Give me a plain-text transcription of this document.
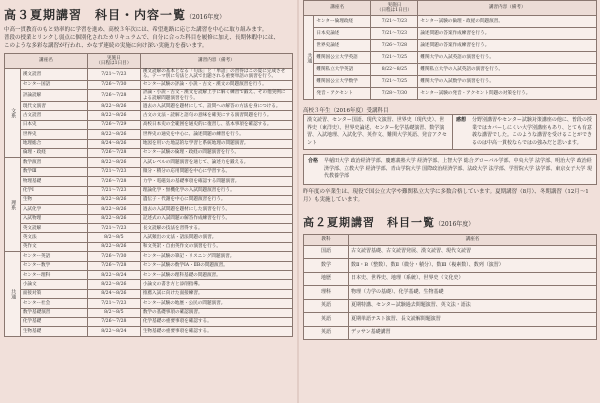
高３夏期講習　科目・内容一覧（2016年度）
中高一貫教育のもと効率的に学習を進め、高校３年次には、希望進路に応じた講習を中心に取り組みます。
普段の授業とリンクし弱点に個別化されたカリキュラムで、自分に合った科目を履修に加え、長期休暇中には、
このような多彩な講習が行われ、かなず連続の実施に向け深い実施力を養います。
講座名		実施日
（日程は1日目）	講習内容（備考）
文系	漢文読習	7/21〜7/23	漢文読解の基本となる「句法」と「単語」の習得はこの夏に完成させる。テーマ別に句法と入試で出題される重要単語の演習を行う。
	センター国語	7/26〜7/30	センター試験の評論・小説・古文・漢文の問題演習を行う。
	評論読解	7/26〜7/28	評論・小説・古文・漢文を読解上手に解く練習で鍛え、その他実例による読解問題演習を行う。
	現代文演習	8/22〜8/26	過去の入試問題を題材にして、設問への解答の方法を身につける。
	古文読習	8/22〜8/26	古文の文法・読解と語句の意味を確実にする演習問題を行う。
	日本史	7/26〜7/29	高校日本史の全範囲を通史的に復習し、基本事項を確認する。
	世界史	8/22〜8/26	世界史の通史を中心に、論述問題の練習を行う。
	地理総合	8/24〜8/26	地図を用いた地誌的な学習と系統地理の問題演習。
	倫理・政経	7/26〜7/28	センター試験の倫理・政経の問題演習を行う。
理系	数学演習	8/22〜8/26	入試レベルの問題演習を通じて、論述力を鍛える。
	数学Ⅲ	7/21〜7/23	微分・積分の応用問題を中心に学習する。
	物理基礎	7/26〜7/28	力学・電磁気の基礎事項を確認する問題演習。
	化学Ⅰ	7/21〜7/23	理論化学・無機化学の入試問題演習を行う。
	生物	8/22〜8/26	遺伝子・代謝を中心に問題演習を行う。
	入試化学	8/22〜8/26	過去の入試問題を題材にした演習を行う。
	入試物理	8/22〜8/26	記述式の入試問題の解答作成練習を行う。
	英文読解	7/21〜7/23	長文読解の技法を習得する。
	英文法	8/2〜8/5	入試頻出の文法・語法問題の演習。
	英作文	8/22〜8/26	和文英訳・自由英作文の演習を行う。
共通	センター英語	7/26〜7/30	センター試験の筆記・リスニング問題演習。
	センター数学	7/26〜7/28	センター試験の数学ⅠA・ⅡBの問題演習。
	センター理科	8/22〜8/24	センター試験の理科基礎の問題演習。
	小論文	8/22〜8/26	小論文の書き方と添削指導。
	面接対策	8/24〜8/26	推薦入試に向けた面接練習。
	センター社会	7/21〜7/23	センター試験の地歴・公民の問題演習。
	数学基礎演習	8/2〜8/5	数学の基礎事項の確認演習。
	化学基礎	7/26〜7/28	化学基礎の重要事項を確認する。
	生物基礎	8/22〜8/24	生物基礎の重要事項を確認する。
講座名		実施日
（日程は1日目）	講習内容（備考）
共通	センター倫理政経	7/21〜7/23	センター試験の倫理・政経の問題演習。
	日本史論述	7/21〜7/23	論述問題の答案作成練習を行う。
	世界史論述	7/26〜7/28	論述問題の答案作成練習を行う。
	難関国公立大学英語	7/21〜7/25	難関大学の入試英語の演習を行う。
	難関私立大学英語	8/22〜8/25	難関私立大学の入試英語の演習を行う。
	難関国公立大学数学	7/21〜7/25	難関大学の入試数学の演習を行う。
	発音・アクセント	7/28〜7/30	センター試験の発音・アクセント問題の対策を行う。
高校３年生（2016年度）受講科目
漢文読習、センター国語、現代文演習、世界史（現代史）、世界史（東洋史）、世界史論述、センター化学基礎演習、数学演習、入試地理、入試化学、英作文、難関大学英語、発音アクセント
感想 分野別講習やセンター試験対策講座の他に、普段の授業ではカバーしにくい大学別講座もあり、とても有意義な講習でした。このような講習を受けることができるのは中高一貫校ならではの強みだと思います。
合格 早稲田大学 政治経済学部、慶應義塾大学 経済学部、上智大学 総合グローバル学部、中央大学 法学部、明治大学 政治経済学部、立教大学 経済学部、青山学院大学 国際政治経済学部、法政大学 法学部、学習院大学 法学部、東京女子大学 現代教養学部
昨年度の卒業生は、現役で国公立大学や難関私立大学に多数合格しています。夏期講習（8月）、冬期講習（12月〜1月）も実施しています。
高２夏期講習　科目一覧（2016年度）
教科	講座名
国語	古文読習基礎、古文読習発展、漢文読習、現代文読習
数学	数Ⅱ・B（整数）、数Ⅱ（微分・積分）、数Ⅲ（複素数）、数列（演習）
地歴	日本史、世界史、地理（系統）、世界史（文化史）
理科	物理（力学の基礎）、化学基礎、生物基礎
英語	夏期特講、センター試験過去問題演習、英文法・語法
英語	夏期単語テスト演習、長文読解問題演習
英語	デッサン基礎講習
